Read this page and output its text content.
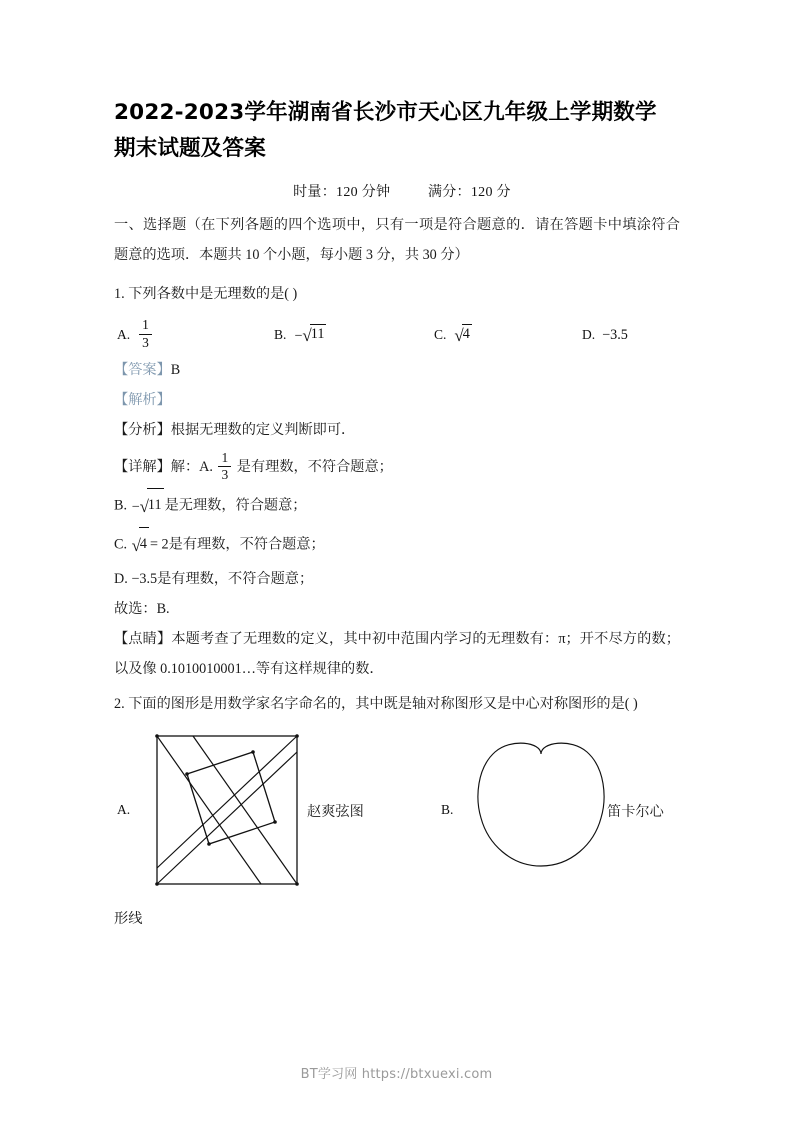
2022-2023学年湖南省长沙市天心区九年级上学期数学期末试题及答案
时量：120 分钟	满分：120 分

一、选择题（在下列各题的四个选项中，只有一项是符合题意的．请在答题卡中填涂符合题意的选项．本题共 10 个小题，每小题 3 分，共 30 分）

1. 下列各数中是无理数的是( )

A. $\frac{1}{3}$	B. −√11	C. √4	D. −3.5

【答案】B

【解析】

【分析】根据无理数的定义判断即可．

【详解】解：A. $\frac{1}{3}$ 是有理数，不符合题意；

B. −√11 是无理数，符合题意；

C. √4 = 2是有理数，不符合题意；

D. −3.5是有理数，不符合题意；

故选：B.

【点睛】本题考查了无理数的定义，其中初中范围内学习的无理数有：π；开不尽方的数；以及像 0.1010010001…等有这样规律的数．

2. 下面的图形是用数学家名字命名的，其中既是轴对称图形又是中心对称图形的是( )

A.	赵爽弦图	B.	笛卡尔心

形线

BT学习网 https://btxuexi.com
